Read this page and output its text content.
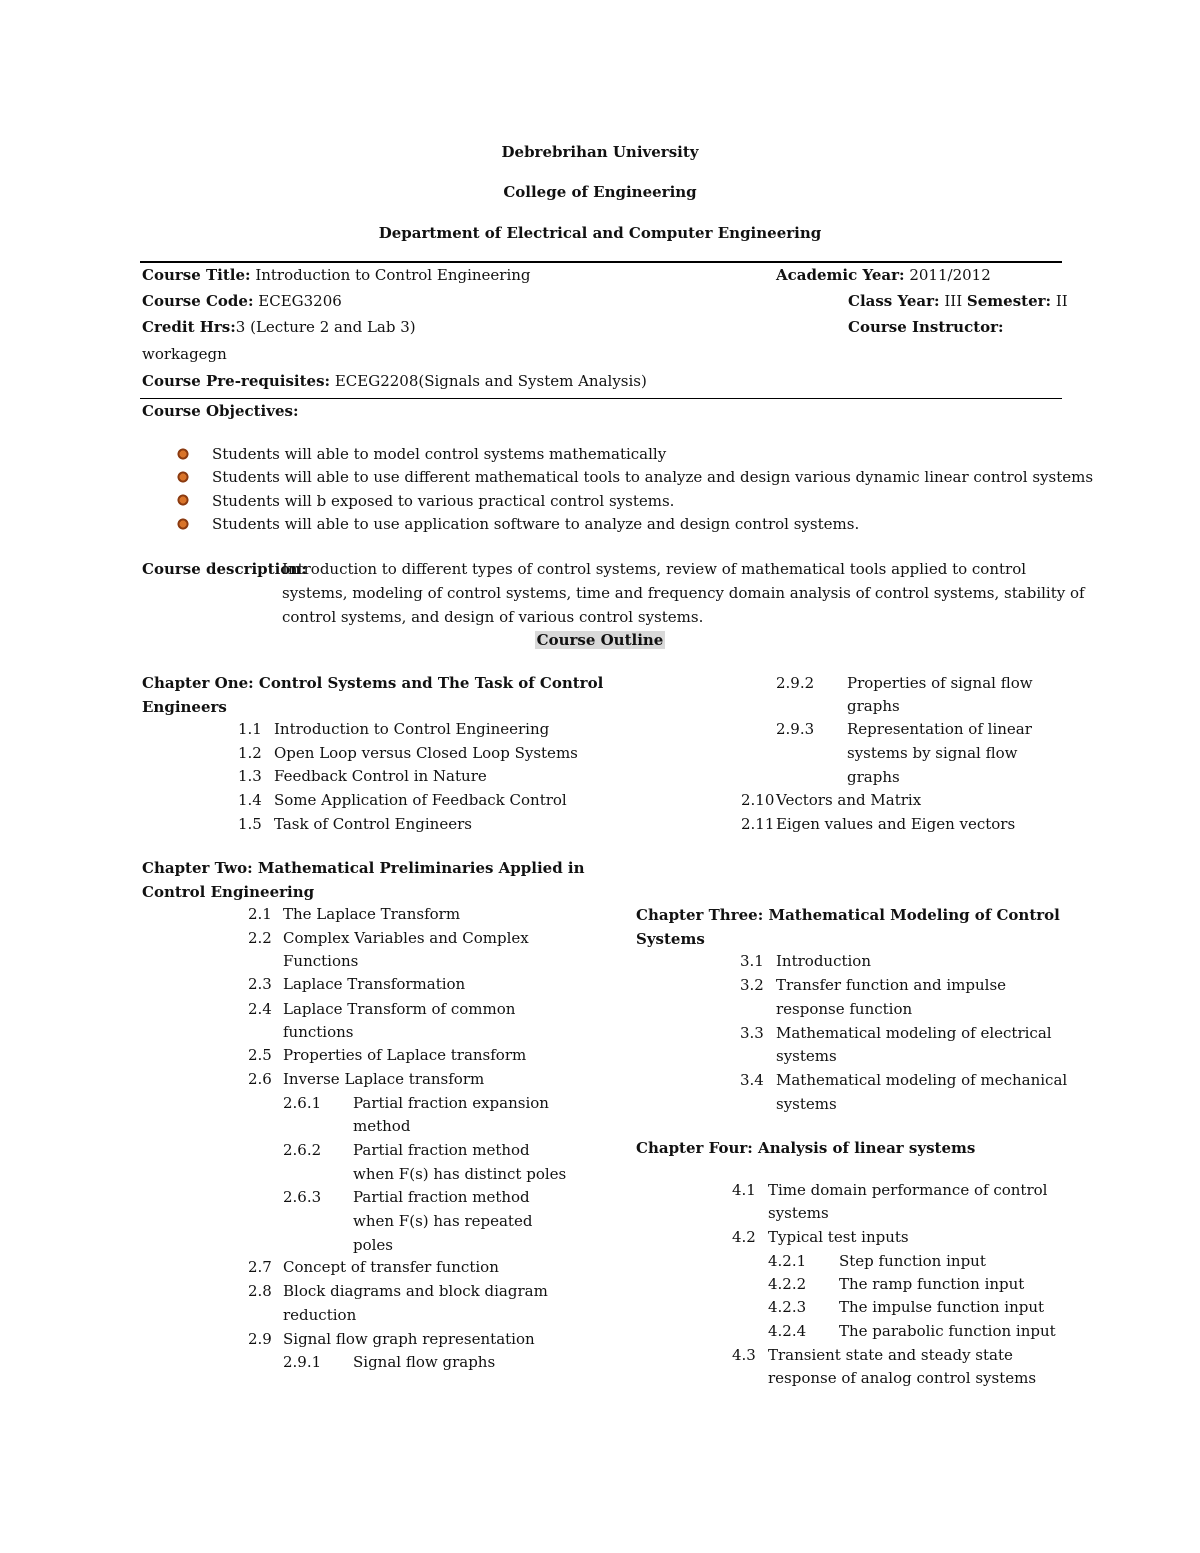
Debrebrihan University
College of Engineering
Department of Electrical and Computer Engineering
Course Title: Introduction to Control Engineering	Academic Year: 2011/2012
Course Code: ECEG3206	Class Year: III Semester: II
Credit Hrs:3 (Lecture 2 and Lab 3)	Course Instructor:
workagegn
Course Pre-requisites: ECEG2208(Signals and System Analysis)
Course Objectives:
Students will able to model control systems mathematically
Students will able to use different mathematical tools to analyze and design various dynamic linear control systems
Students will b exposed to various practical control systems.
Students will able to use application software to analyze and design control systems.
Course description:
Introduction to different types of control systems, review of mathematical tools applied to control
systems, modeling of control systems, time and frequency domain analysis of control systems, stability of
control systems, and design of various control systems.
Course Outline
Chapter One: Control Systems and The Task of Control
Engineers
1.1 Introduction to Control Engineering
1.2 Open Loop versus Closed Loop Systems
1.3 Feedback Control in Nature
1.4 Some Application of Feedback Control
1.5 Task of Control Engineers
Chapter Two: Mathematical Preliminaries Applied in
Control Engineering
2.1 The Laplace Transform
2.2 Complex Variables and Complex
Functions
2.3 Laplace Transformation
2.4 Laplace Transform of common
functions
2.5 Properties of Laplace transform
2.6 Inverse Laplace transform
2.6.1 Partial fraction expansion
method
2.6.2 Partial fraction method
when F(s) has distinct poles
2.6.3 Partial fraction method
when F(s) has repeated
poles
2.7 Concept of transfer function
2.8 Block diagrams and block diagram
reduction
2.9 Signal flow graph representation
2.9.1 Signal flow graphs
2.9.2 Properties of signal flow
graphs
2.9.3 Representation of linear
systems by signal flow
graphs
2.10 Vectors and Matrix
2.11 Eigen values and Eigen vectors
Chapter Three: Mathematical Modeling of Control
Systems
3.1 Introduction
3.2 Transfer function and impulse
response function
3.3 Mathematical modeling of electrical
systems
3.4 Mathematical modeling of mechanical
systems
Chapter Four: Analysis of linear systems
4.1 Time domain performance of control
systems
4.2 Typical test inputs
4.2.1 Step function input
4.2.2 The ramp function input
4.2.3 The impulse function input
4.2.4 The parabolic function input
4.3 Transient state and steady state
response of analog control systems
